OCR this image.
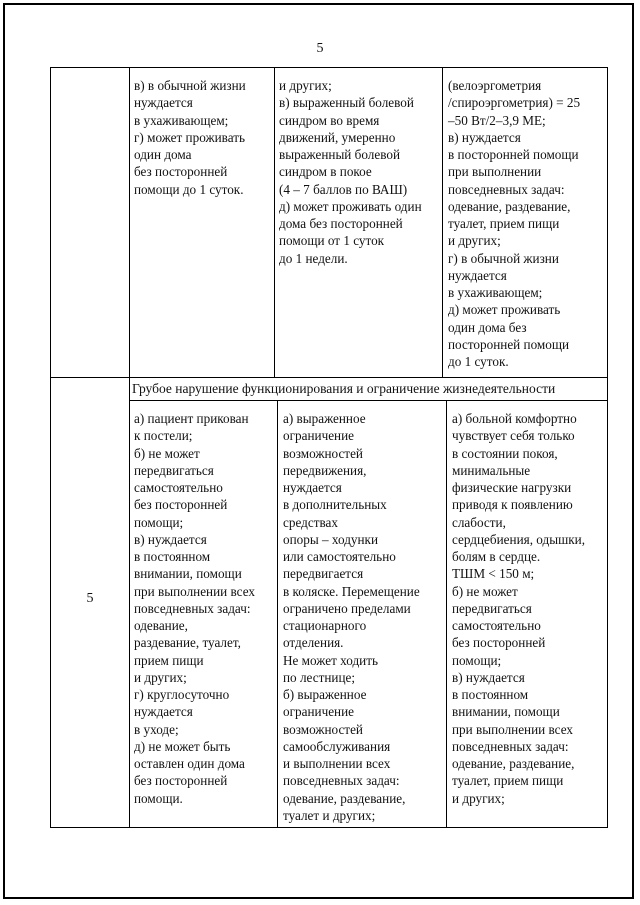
5

в) в обычной жизни
нуждается
в ухаживающем;
г) может проживать
один дома
без посторонней
помощи до 1 суток.

и других;
в) выраженный болевой
синдром во время
движений, умеренно
выраженный болевой
синдром в покое
(4 – 7 баллов по ВАШ)
д) может проживать один
дома без посторонней
помощи от 1 суток
до 1 недели.

(велоэргометрия
/спироэргометрия) = 25
–50 Вт/2–3,9 МЕ;
в) нуждается
в посторонней помощи
при выполнении
повседневных задач:
одевание, раздевание,
туалет, прием пищи
и других;
г) в обычной жизни
нуждается
в ухаживающем;
д) может проживать
один дома без
посторонней помощи
до 1 суток.

Грубое нарушение функционирования и ограничение жизнедеятельности
5

а) пациент прикован
к постели;
б) не может
передвигаться
самостоятельно
без посторонней
помощи;
в) нуждается
в постоянном
внимании, помощи
при выполнении всех
повседневных задач:
одевание,
раздевание, туалет,
прием пищи
и других;
г) круглосуточно
нуждается
в уходе;
д) не может быть
оставлен один дома
без посторонней
помощи.

а) выраженное
ограничение
возможностей
передвижения,
нуждается
в дополнительных
средствах
опоры – ходунки
или самостоятельно
передвигается
в коляске. Перемещение
ограничено пределами
стационарного
отделения.
Не может ходить
по лестнице;
б) выраженное
ограничение
возможностей
самообслуживания
и выполнении всех
повседневных задач:
одевание, раздевание,
туалет и других;

а) больной комфортно
чувствует себя только
в состоянии покоя,
минимальные
физические нагрузки
приводя к появлению
слабости,
сердцебиения, одышки,
болям в сердце.
ТШМ < 150 м;
б) не может
передвигаться
самостоятельно
без посторонней
помощи;
в) нуждается
в постоянном
внимании, помощи
при выполнении всех
повседневных задач:
одевание, раздевание,
туалет, прием пищи
и других;
